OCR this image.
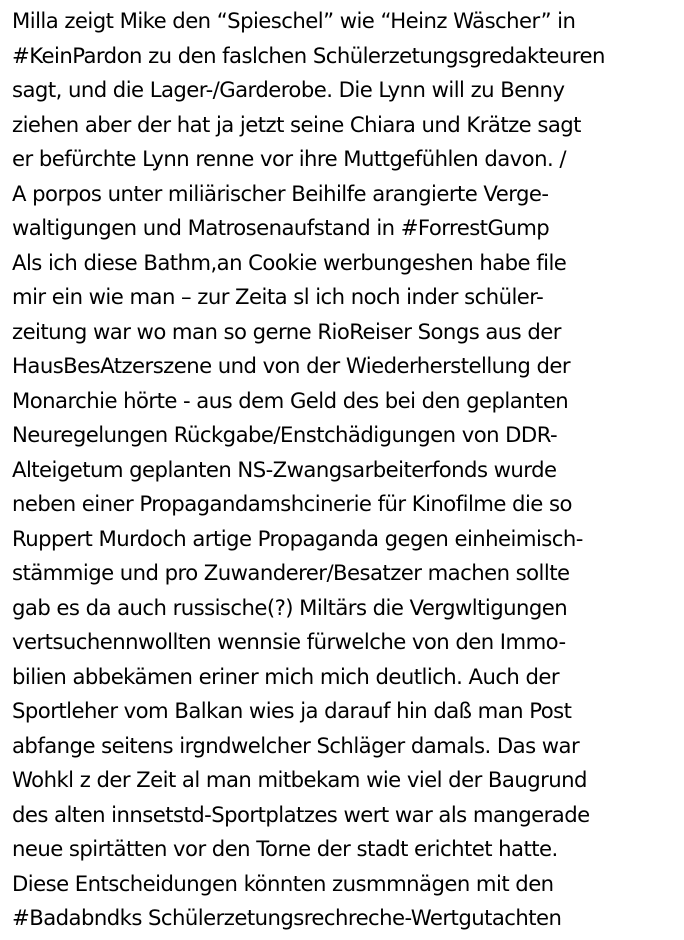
Milla zeigt Mike den “Spieschel” wie “Heinz Wäscher” in
#KeinPardon zu den faslchen Schülerzetungsgredakteuren
sagt, und die Lager-/Garderobe. Die Lynn will zu Benny
ziehen aber der hat ja jetzt seine Chiara und Krätze sagt
er befürchte Lynn renne vor ihre Muttgefühlen davon. /
A porpos unter miliärischer Beihilfe arangierte Verge-
waltigungen und Matrosenaufstand in #ForrestGump
Als ich diese Bathm,an Cookie werbungeshen habe file
mir ein wie man – zur Zeita sl ich noch inder schüler-
zeitung war wo man so gerne RioReiser Songs aus der
HausBesAtzerszene und von der Wiederherstellung der
Monarchie hörte - aus dem Geld des bei den geplanten
Neuregelungen Rückgabe/Enstchädigungen von DDR-
Alteigetum geplanten NS-Zwangsarbeiterfonds wurde
neben einer Propagandamshcinerie für Kinofilme die so
Ruppert Murdoch artige Propaganda gegen einheimisch-
stämmige und pro Zuwanderer/Besatzer machen sollte
gab es da auch russische(?) Miltärs die Vergwltigungen
vertsuchennwollten wennsie fürwelche von den Immo-
bilien abbekämen eriner mich mich deutlich. Auch der
Sportleher vom Balkan wies ja darauf hin daß man Post
abfange seitens irgndwelcher Schläger damals. Das war
Wohkl z der Zeit al man mitbekam wie viel der Baugrund
des alten innsetstd-Sportplatzes wert war als mangerade
neue spirtätten vor den Torne der stadt erichtet hatte.
Diese Entscheidungen könnten zusmmnägen mit den
#Badabndks Schülerzetungsrechreche-Wertgutachten
